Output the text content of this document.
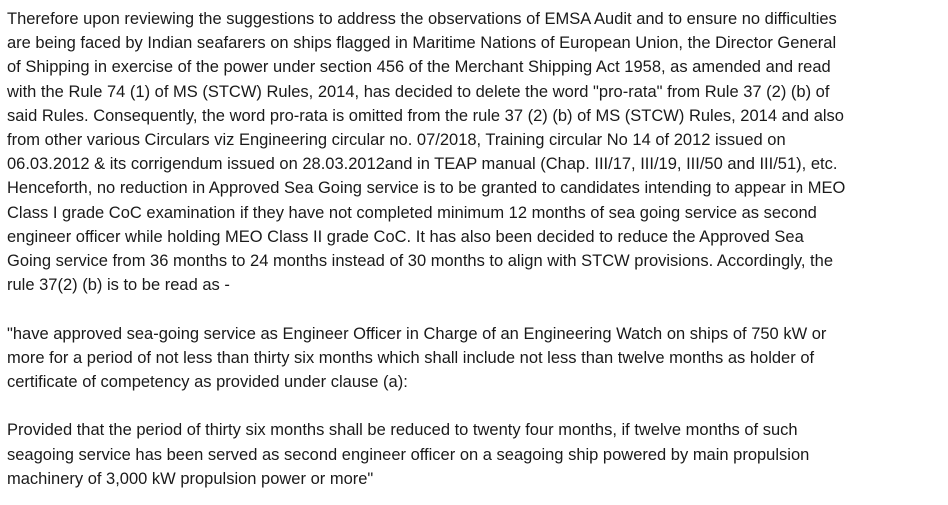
Therefore upon reviewing the suggestions to address the observations of EMSA Audit and to ensure no difficulties
are being faced by Indian seafarers on ships flagged in Maritime Nations of European Union, the Director General
of Shipping in exercise of the power under section 456 of the Merchant Shipping Act 1958, as amended and read
with the Rule 74 (1) of MS (STCW) Rules, 2014, has decided to delete the word "pro-rata" from Rule 37 (2) (b) of
said Rules. Consequently, the word pro-rata is omitted from the rule 37 (2) (b) of MS (STCW) Rules, 2014 and also
from other various Circulars viz Engineering circular no. 07/2018, Training circular No 14 of 2012 issued on
06.03.2012 & its corrigendum issued on 28.03.2012and in TEAP manual (Chap. III/17, III/19, III/50 and III/51), etc.
Henceforth, no reduction in Approved Sea Going service is to be granted to candidates intending to appear in MEO
Class I grade CoC examination if they have not completed minimum 12 months of sea going service as second
engineer officer while holding MEO Class II grade CoC. It has also been decided to reduce the Approved Sea
Going service from 36 months to 24 months instead of 30 months to align with STCW provisions. Accordingly, the
rule 37(2) (b) is to be read as -

"have approved sea-going service as Engineer Officer in Charge of an Engineering Watch on ships of 750 kW or
more for a period of not less than thirty six months which shall include not less than twelve months as holder of
certificate of competency as provided under clause (a):

Provided that the period of thirty six months shall be reduced to twenty four months, if twelve months of such
seagoing service has been served as second engineer officer on a seagoing ship powered by main propulsion
machinery of 3,000 kW propulsion power or more"
